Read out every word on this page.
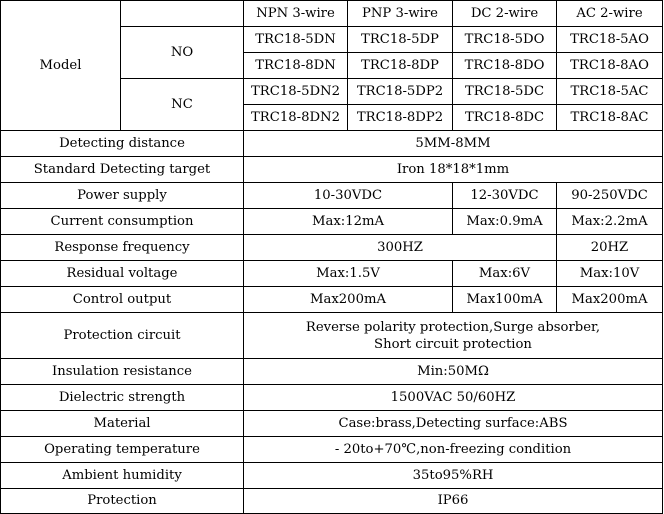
Model		NPN 3-wire	PNP 3-wire	DC 2-wire	AC 2-wire
	NO	TRC18-5DN	TRC18-5DP	TRC18-5DO	TRC18-5AO
		TRC18-8DN	TRC18-8DP	TRC18-8DO	TRC18-8AO
	NC	TRC18-5DN2	TRC18-5DP2	TRC18-5DC	TRC18-5AC
		TRC18-8DN2	TRC18-8DP2	TRC18-8DC	TRC18-8AC
Detecting distance		5MM-8MM			
Standard Detecting target		Iron 18*18*1mm			
Power supply		10-30VDC		12-30VDC	90-250VDC
Current consumption		Max:12mA		Max:0.9mA	Max:2.2mA
Response frequency		300HZ			20HZ
Residual voltage		Max:1.5V		Max:6V	Max:10V
Control output		Max200mA		Max100mA	Max200mA
Protection circuit		Reverse polarity protection,Surge absorber,
Short circuit protection			
Insulation resistance		Min:50MΩ			
Dielectric strength		1500VAC 50/60HZ			
Material		Case:brass,Detecting surface:ABS			
Operating temperature		- 20to+70℃,non-freezing condition			
Ambient humidity		35to95%RH			
Protection		IP66			
